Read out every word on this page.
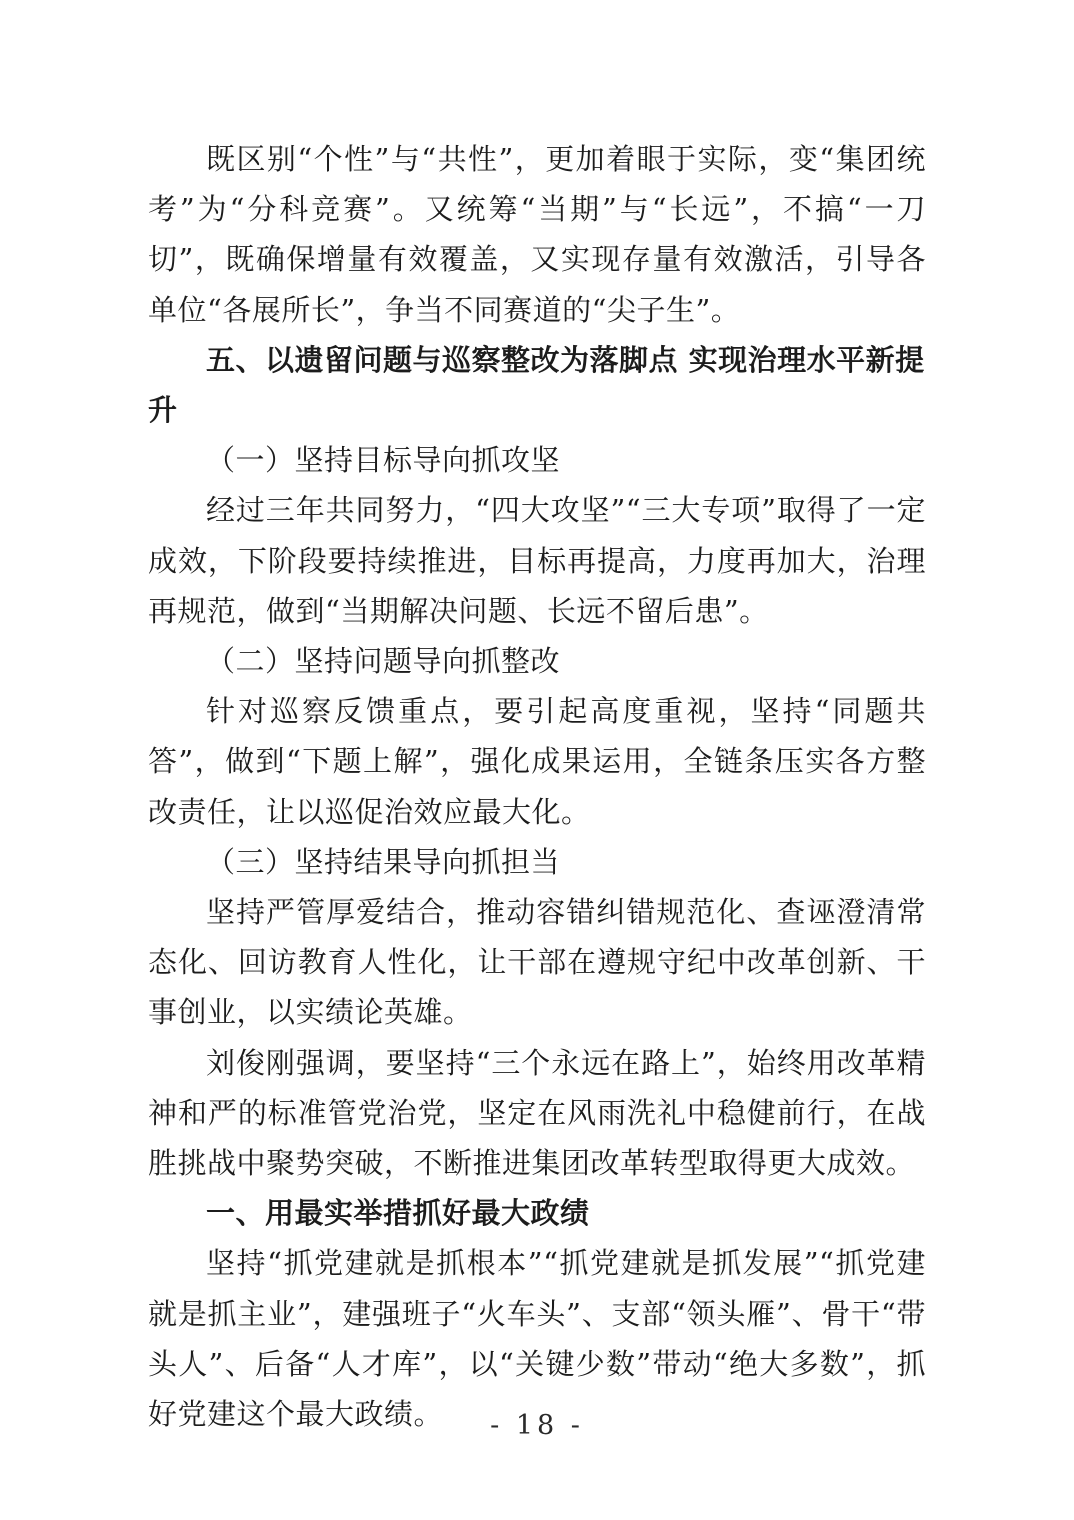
既区别“个性”与“共性”，更加着眼于实际，变“集团统考”为“分科竞赛”。又统筹“当期”与“长远”，不搞“一刀切”，既确保增量有效覆盖，又实现存量有效激活，引导各单位“各展所长”，争当不同赛道的“尖子生”。

五、以遗留问题与巡察整改为落脚点 实现治理水平新提升

（一）坚持目标导向抓攻坚

经过三年共同努力，“四大攻坚”“三大专项”取得了一定成效，下阶段要持续推进，目标再提高，力度再加大，治理再规范，做到“当期解决问题、长远不留后患”。

（二）坚持问题导向抓整改

针对巡察反馈重点，要引起高度重视，坚持“同题共答”，做到“下题上解”，强化成果运用，全链条压实各方整改责任，让以巡促治效应最大化。

（三）坚持结果导向抓担当

坚持严管厚爱结合，推动容错纠错规范化、查诬澄清常态化、回访教育人性化，让干部在遵规守纪中改革创新、干事创业，以实绩论英雄。

刘俊刚强调，要坚持“三个永远在路上”，始终用改革精神和严的标准管党治党，坚定在风雨洗礼中稳健前行，在战胜挑战中聚势突破，不断推进集团改革转型取得更大成效。

一、用最实举措抓好最大政绩

坚持“抓党建就是抓根本”“抓党建就是抓发展”“抓党建就是抓主业”，建强班子“火车头”、支部“领头雁”、骨干“带头人”、后备“人才库”，以“关键少数”带动“绝大多数”，抓好党建这个最大政绩。	- 18 -
